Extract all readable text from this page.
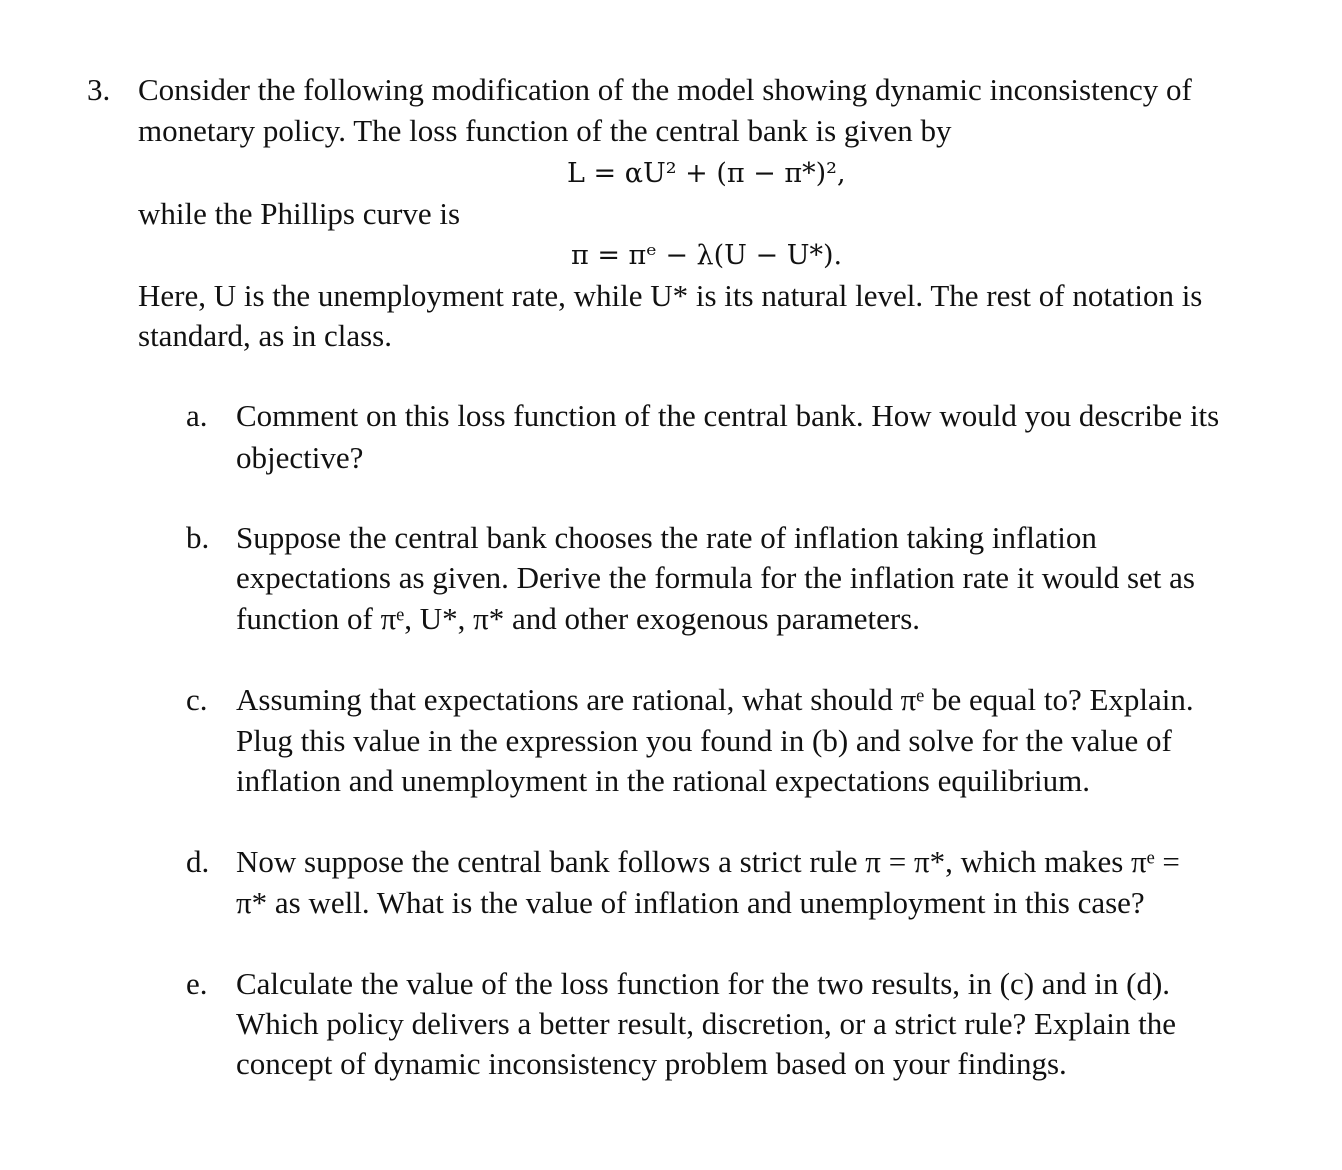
3. Consider the following modification of the model showing dynamic inconsistency of
monetary policy. The loss function of the central bank is given by
L = αU² + (π − π*)²,
while the Phillips curve is
π = πᵉ − λ(U − U*).
Here, U is the unemployment rate, while U* is its natural level. The rest of notation is
standard, as in class.
a. Comment on this loss function of the central bank. How would you describe its
objective?
b. Suppose the central bank chooses the rate of inflation taking inflation
expectations as given. Derive the formula for the inflation rate it would set as
function of πᵉ, U*, π* and other exogenous parameters.
c. Assuming that expectations are rational, what should πᵉ be equal to? Explain.
Plug this value in the expression you found in (b) and solve for the value of
inflation and unemployment in the rational expectations equilibrium.
d. Now suppose the central bank follows a strict rule π = π*, which makes πᵉ =
π* as well. What is the value of inflation and unemployment in this case?
e. Calculate the value of the loss function for the two results, in (c) and in (d).
Which policy delivers a better result, discretion, or a strict rule? Explain the
concept of dynamic inconsistency problem based on your findings.
